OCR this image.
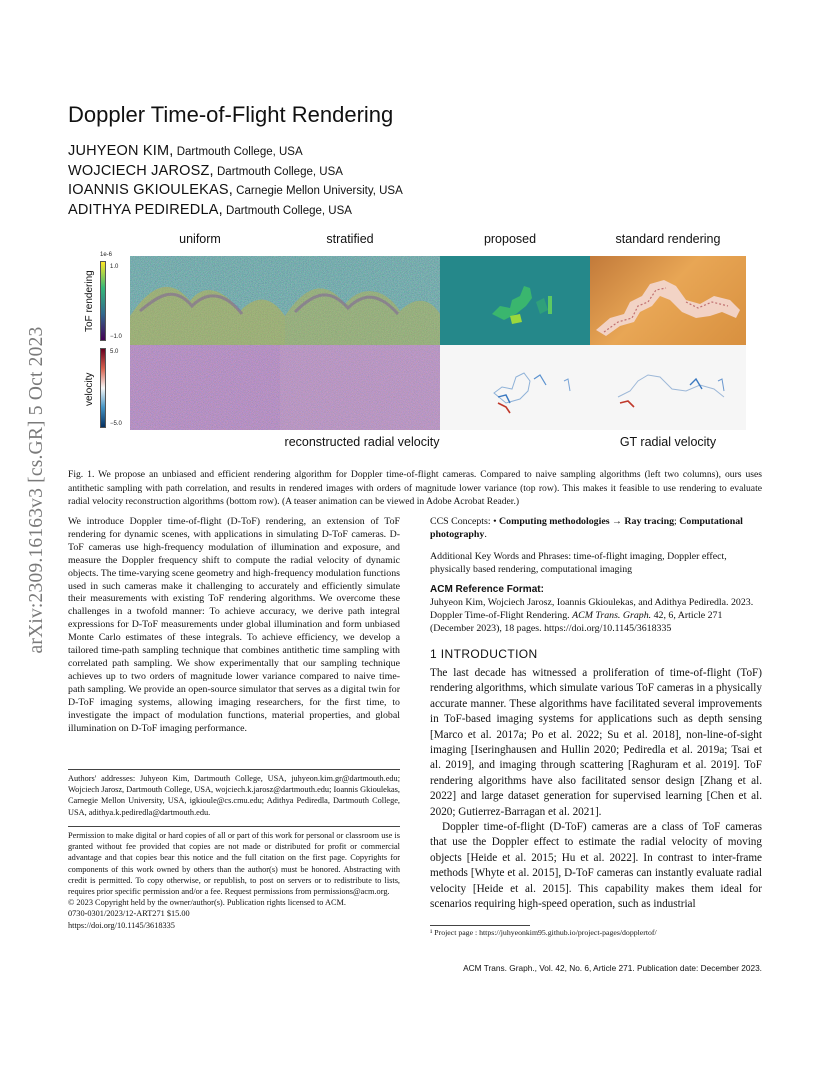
arXiv:2309.16163v3 [cs.GR] 5 Oct 2023
Doppler Time-of-Flight Rendering
JUHYEON KIM, Dartmouth College, USA
WOJCIECH JAROSZ, Dartmouth College, USA
IOANNIS GKIOULEKAS, Carnegie Mellon University, USA
ADITHYA PEDIREDLA, Dartmouth College, USA
uniform	stratified	proposed	standard rendering
ToF rendering
velocity
1e-6
1.0
−1.0
5.0
−5.0
reconstructed radial velocity	GT radial velocity
Fig. 1. We propose an unbiased and efficient rendering algorithm for Doppler time-of-flight cameras. Compared to naive sampling algorithms (left two columns), ours uses antithetic sampling with path correlation, and results in rendered images with orders of magnitude lower variance (top row). This makes it feasible to use rendering to evaluate radial velocity reconstruction algorithms (bottom row). (A teaser animation can be viewed in Adobe Acrobat Reader.)
We introduce Doppler time-of-flight (D-ToF) rendering, an extension of ToF rendering for dynamic scenes, with applications in simulating D-ToF cameras. D-ToF cameras use high-frequency modulation of illumination and exposure, and measure the Doppler frequency shift to compute the radial velocity of dynamic objects. The time-varying scene geometry and high-frequency modulation functions used in such cameras make it challenging to accurately and efficiently simulate their measurements with existing ToF rendering algorithms. We overcome these challenges in a twofold manner: To achieve accuracy, we derive path integral expressions for D-ToF measurements under global illumination and form unbiased Monte Carlo estimates of these integrals. To achieve efficiency, we develop a tailored time-path sampling technique that combines antithetic time sampling with correlated path sampling. We show experimentally that our sampling technique achieves up to two orders of magnitude lower variance compared to naive time-path sampling. We provide an open-source simulator that serves as a digital twin for D-ToF imaging systems, allowing imaging researchers, for the first time, to investigate the impact of modulation functions, material properties, and global illumination on D-ToF imaging performance.
Authors' addresses: Juhyeon Kim, Dartmouth College, USA, juhyeon.kim.gr@dartmouth.edu; Wojciech Jarosz, Dartmouth College, USA, wojciech.k.jarosz@dartmouth.edu; Ioannis Gkioulekas, Carnegie Mellon University, USA, igkioule@cs.cmu.edu; Adithya Pediredla, Dartmouth College, USA, adithya.k.pediredla@dartmouth.edu.
Permission to make digital or hard copies of all or part of this work for personal or classroom use is granted without fee provided that copies are not made or distributed for profit or commercial advantage and that copies bear this notice and the full citation on the first page. Copyrights for components of this work owned by others than the author(s) must be honored. Abstracting with credit is permitted. To copy otherwise, or republish, to post on servers or to redistribute to lists, requires prior specific permission and/or a fee. Request permissions from permissions@acm.org.
© 2023 Copyright held by the owner/author(s). Publication rights licensed to ACM.
0730-0301/2023/12-ART271 $15.00
https://doi.org/10.1145/3618335
CCS Concepts: • Computing methodologies → Ray tracing; Computational photography.
Additional Key Words and Phrases: time-of-flight imaging, Doppler effect, physically based rendering, computational imaging
ACM Reference Format:
Juhyeon Kim, Wojciech Jarosz, Ioannis Gkioulekas, and Adithya Pediredla. 2023. Doppler Time-of-Flight Rendering. ACM Trans. Graph. 42, 6, Article 271 (December 2023), 18 pages. https://doi.org/10.1145/3618335
1 INTRODUCTION

The last decade has witnessed a proliferation of time-of-flight (ToF) rendering algorithms, which simulate various ToF cameras in a physically accurate manner. These algorithms have facilitated several improvements in ToF-based imaging systems for applications such as depth sensing [Marco et al. 2017a; Po et al. 2022; Su et al. 2018], non-line-of-sight imaging [Iseringhausen and Hullin 2020; Pediredla et al. 2019a; Tsai et al. 2019], and imaging through scattering [Raghuram et al. 2019]. ToF rendering algorithms have also facilitated sensor design [Zhang et al. 2022] and large dataset generation for supervised learning [Chen et al. 2020; Gutierrez-Barragan et al. 2021].

Doppler time-of-flight (D-ToF) cameras are a class of ToF cameras that use the Doppler effect to estimate the radial velocity of moving objects [Heide et al. 2015; Hu et al. 2022]. In contrast to inter-frame methods [Whyte et al. 2015], D-ToF cameras can instantly evaluate radial velocity [Heide et al. 2015]. This capability makes them ideal for scenarios requiring high-speed operation, such as industrial

¹ Project page : https://juhyeonkim95.github.io/project-pages/dopplertof/
ACM Trans. Graph., Vol. 42, No. 6, Article 271. Publication date: December 2023.
